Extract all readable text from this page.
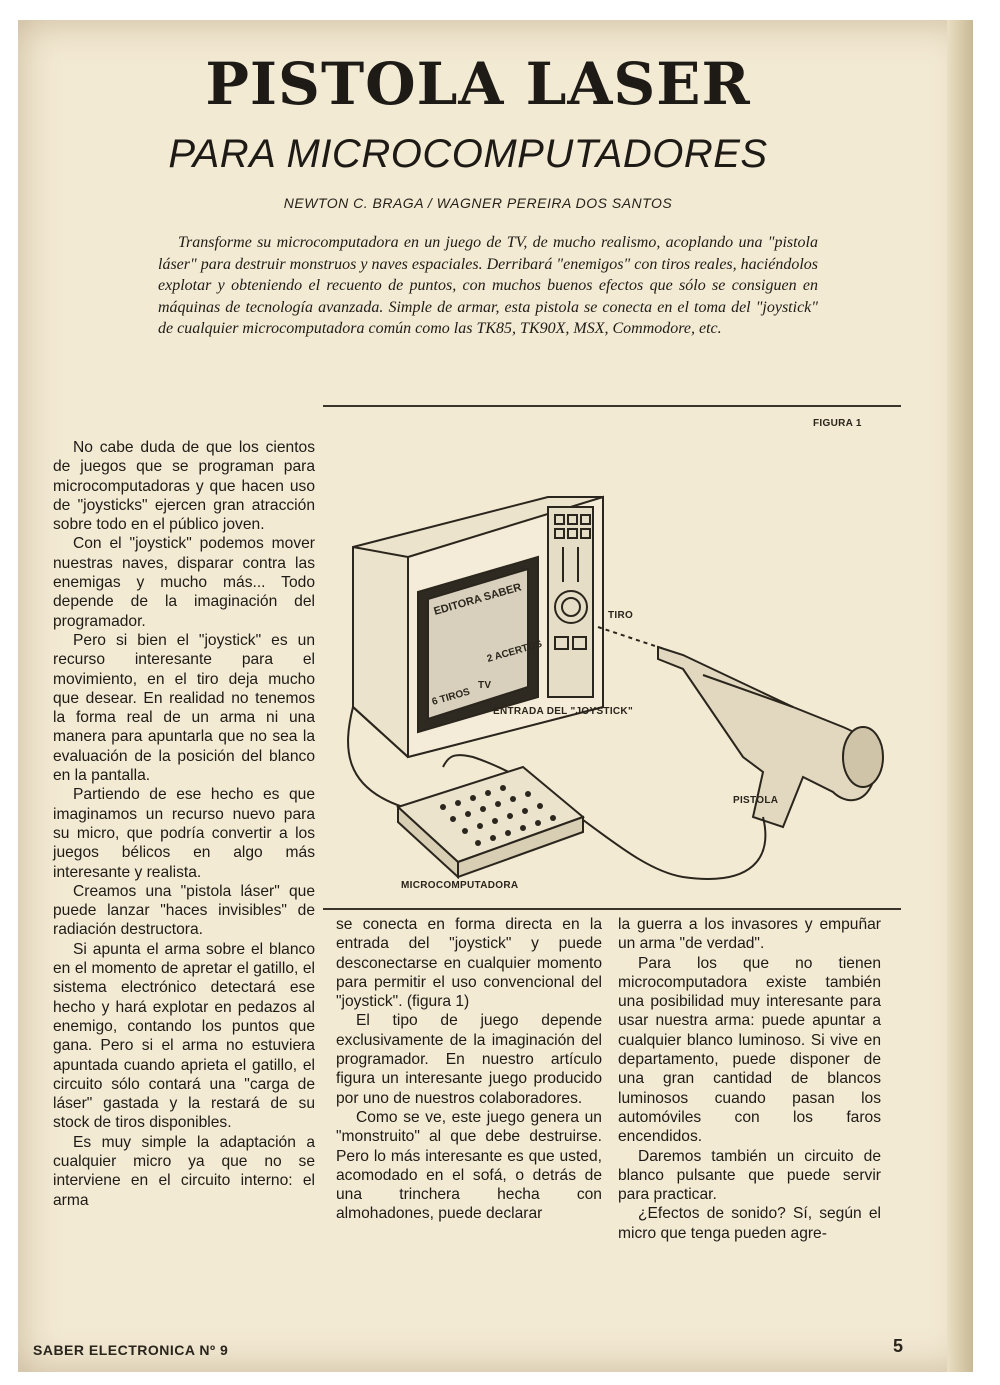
PISTOLA LASER
PARA MICROCOMPUTADORES
NEWTON C. BRAGA / WAGNER PEREIRA DOS SANTOS
Transforme su microcomputadora en un juego de TV, de mucho realismo, acoplando una "pistola láser" para destruir monstruos y naves espaciales. Derribará "enemigos" con tiros reales, haciéndolos explotar y obteniendo el recuento de puntos, con muchos buenos efectos que sólo se consiguen en máquinas de tecnología avanzada. Simple de armar, esta pistola se conecta en el toma del "joystick" de cualquier microcomputadora común como las TK85, TK90X, MSX, Commodore, etc.

No cabe duda de que los cientos de juegos que se programan para microcomputadoras y que hacen uso de "joysticks" ejercen gran atracción sobre todo en el público joven.

Con el "joystick" podemos mover nuestras naves, disparar contra las enemigas y mucho más... Todo depende de la imaginación del programador.

Pero si bien el "joystick" es un recurso interesante para el movimiento, en el tiro deja mucho que desear. En realidad no tenemos la forma real de un arma ni una manera para apuntarla que no sea la evaluación de la posición del blanco en la pantalla.

Partiendo de ese hecho es que imaginamos un recurso nuevo para su micro, que podría convertir a los juegos bélicos en algo más interesante y realista.

Creamos una "pistola láser" que puede lanzar "haces invisibles" de radiación destructora.

Si apunta el arma sobre el blanco en el momento de apretar el gatillo, el sistema electrónico detectará ese hecho y hará explotar en pedazos al enemigo, contando los puntos que gana. Pero si el arma no estuviera apuntada cuando aprieta el gatillo, el circuito sólo contará una "carga de láser" gastada y la restará de su stock de tiros disponibles.

Es muy simple la adaptación a cualquier micro ya que no se interviene en el circuito interno: el arma

EDITORA SABER
2 ACERTOS
6 TIROS
FIGURA 1
TIRO
TV
ENTRADA DEL "JOYSTICK"
PISTOLA
MICROCOMPUTADORA

se conecta en forma directa en la entrada del "joystick" y puede desconectarse en cualquier momento para permitir el uso convencional del "joystick". (figura 1)

El tipo de juego depende exclusivamente de la imaginación del programador. En nuestro artículo figura un interesante juego producido por uno de nuestros colaboradores.

Como se ve, este juego genera un "monstruito" al que debe destruirse. Pero lo más interesante es que usted, acomodado en el sofá, o detrás de una trinchera hecha con almohadones, puede declarar

la guerra a los invasores y empuñar un arma "de verdad".

Para los que no tienen microcomputadora existe también una posibilidad muy interesante para usar nuestra arma: puede apuntar a cualquier blanco luminoso. Si vive en departamento, puede disponer de una gran cantidad de blancos luminosos cuando pasan los automóviles con los faros encendidos.

Daremos también un circuito de blanco pulsante que puede servir para practicar.

¿Efectos de sonido? Sí, según el micro que tenga pueden agre-

SABER ELECTRONICA Nº 9	5
